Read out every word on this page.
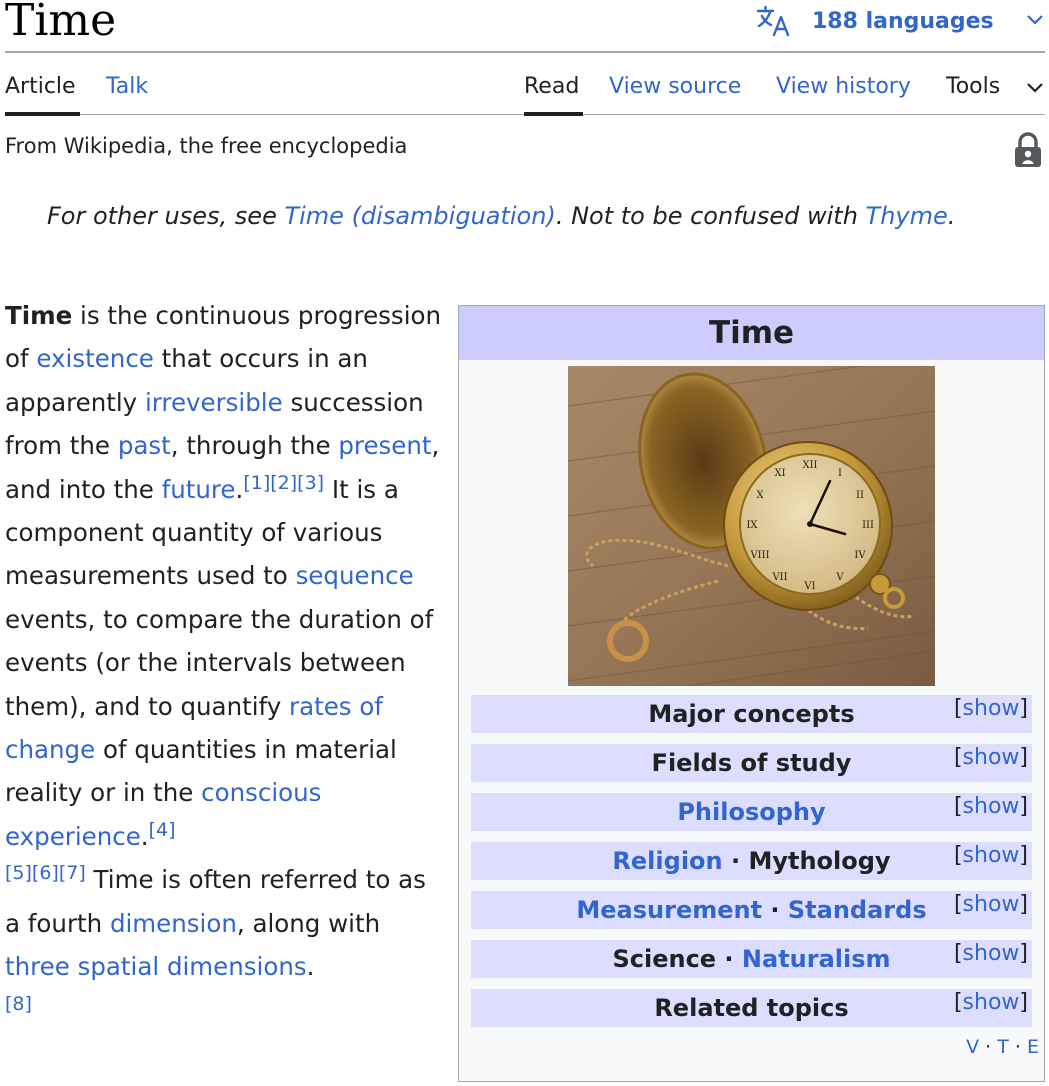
Time	188 languages
Article Talk	Read View source View history Tools
From Wikipedia, the free encyclopedia
For other uses, see Time (disambiguation). Not to be confused with Thyme.
Time is the continuous progression of existence that occurs in an apparently irreversible succession from the past, through the present, and into the future.[1][2][3] It is a component quantity of various measurements used to sequence events, to compare the duration of events (or the intervals between them), and to quantify rates of change of quantities in material reality or in the conscious experience.[4]
[5][6][7] Time is often referred to as a fourth dimension, along with three spatial dimensions.
[8]
Time
XII
VI
III
IX
I
II
IV
V
VII
VIII
X
XI
Major concepts	[show]
Fields of study	[show]
Philosophy	[show]
Religion · Mythology	[show]
Measurement · Standards [show]
Science · Naturalism	[show]
Related topics	[show]
V · T · E
